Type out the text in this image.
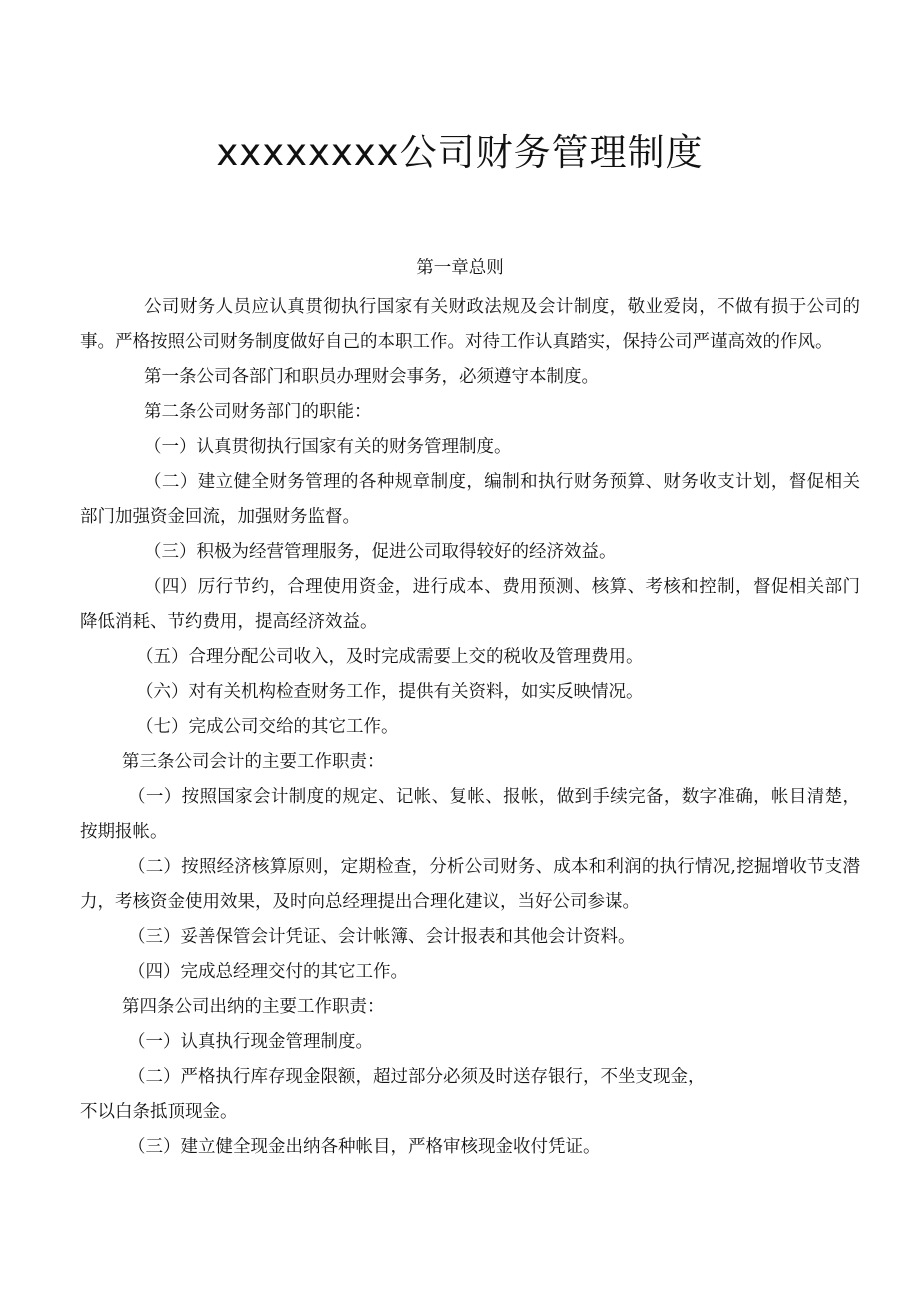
xxxxxxxx公司财务管理制度
第一章总则

公司财务人员应认真贯彻执行国家有关财政法规及会计制度，敬业爱岗，不做有损于公司的事。严格按照公司财务制度做好自己的本职工作。对待工作认真踏实，保持公司严谨高效的作风。

第一条公司各部门和职员办理财会事务，必须遵守本制度。

第二条公司财务部门的职能：

（一）认真贯彻执行国家有关的财务管理制度。

（二）建立健全财务管理的各种规章制度，编制和执行财务预算、财务收支计划，督促相关部门加强资金回流，加强财务监督。

（三）积极为经营管理服务，促进公司取得较好的经济效益。

（四）厉行节约，合理使用资金，进行成本、费用预测、核算、考核和控制，督促相关部门降低消耗、节约费用，提高经济效益。

（五）合理分配公司收入，及时完成需要上交的税收及管理费用。

（六）对有关机构检查财务工作，提供有关资料，如实反映情况。

（七）完成公司交给的其它工作。

第三条公司会计的主要工作职责：

（一）按照国家会计制度的规定、记帐、复帐、报帐，做到手续完备，数字准确，帐目清楚，按期报帐。

（二）按照经济核算原则，定期检查，分析公司财务、成本和利润的执行情况,挖掘增收节支潜力，考核资金使用效果，及时向总经理提出合理化建议，当好公司参谋。

（三）妥善保管会计凭证、会计帐簿、会计报表和其他会计资料。

（四）完成总经理交付的其它工作。

第四条公司出纳的主要工作职责：

（一）认真执行现金管理制度。

（二）严格执行库存现金限额，超过部分必须及时送存银行，不坐支现金，

不以白条抵顶现金。

（三）建立健全现金出纳各种帐目，严格审核现金收付凭证。
